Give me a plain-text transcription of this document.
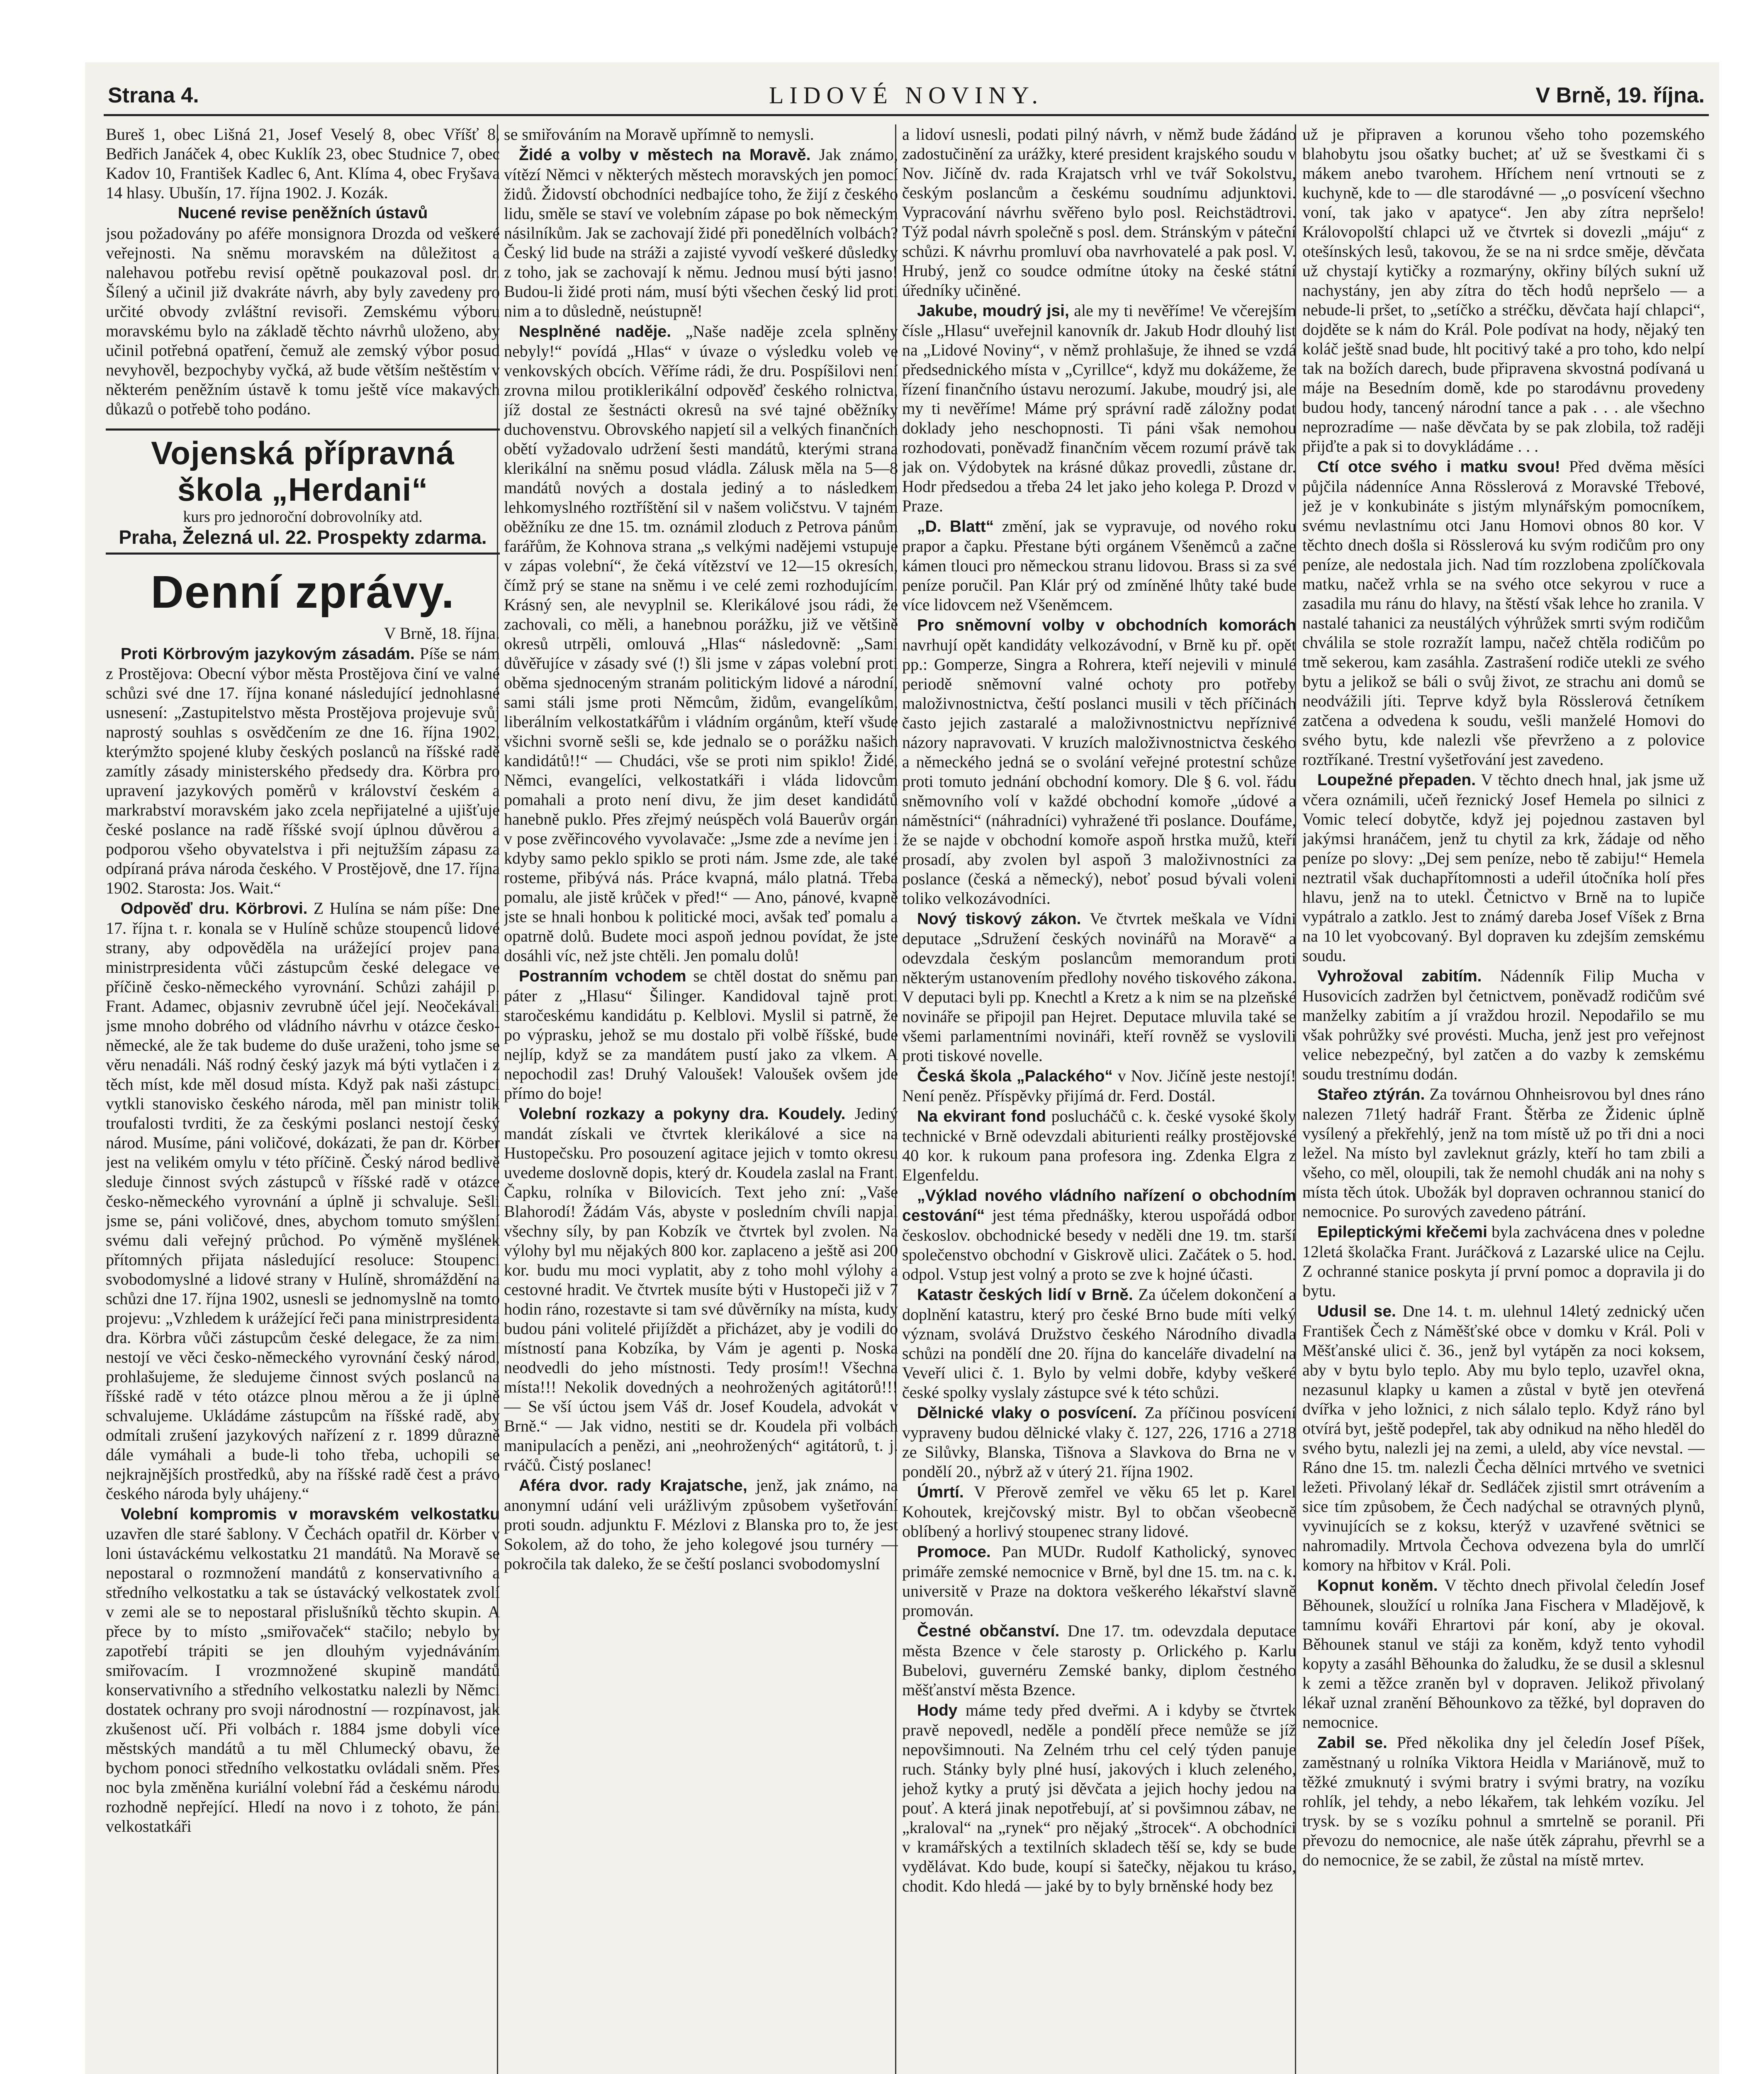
Strana 4.	LIDOVÉ NOVINY.	V Brně, 19. října.

Bureš 1, obec Lišná 21, Josef Veselý 8, obec Vříšť 8, Bedřich Janáček 4, obec Kuklík 23, obec Studnice 7, obec Kadov 10, František Kadlec 6, Ant. Klíma 4, obec Fryšava 14 hlasy. Ubušín, 17. října 1902. J. Kozák.

Nucené revise peněžních ústavů

jsou požadovány po aféře monsignora Drozda od veškeré veřejnosti. Na sněmu moravském na důležitost a nalehavou potřebu revisí opětně poukazoval posl. dr. Šílený a učinil již dvakráte návrh, aby byly zavedeny pro určité obvody zvláštní revisoři. Zemskému výboru moravskému bylo na základě těchto návrhů uloženo, aby učinil potřebná opatření, čemuž ale zemský výbor posud nevyhověl, bezpochyby vyčká, až bude větším neštěstím v některém peněžním ústavě k tomu ještě více makavých důkazů o potřebě toho podáno.

Vojenská přípravná škola „Herdani“
kurs pro jednoroční dobrovolníky atd.
Praha, Železná ul. 22. Prospekty zdarma.
Denní zprávy.

V Brně, 18. října.

Proti Körbrovým jazykovým zásadám. Píše se nám z Prostějova: Obecní výbor města Prostějova činí ve valné schůzi své dne 17. října konané následující jednohlasné usnesení: „Zastupitelstvo města Prostějova projevuje svůj naprostý souhlas s osvědčením ze dne 16. října 1902, kterýmžto spojené kluby českých poslanců na říšské radě zamítly zásady ministerského předsedy dra. Körbra pro upravení jazykových poměrů v království českém a markrabství moravském jako zcela nepřijatelné a ujišťuje české poslance na radě říšské svojí úplnou důvěrou a podporou všeho obyvatelstva i při nejtužším zápasu za odpíraná práva národa českého. V Prostějově, dne 17. října 1902. Starosta: Jos. Wait.“

Odpověď dru. Körbrovi. Z Hulína se nám píše: Dne 17. října t. r. konala se v Hulíně schůze stoupenců lidové strany, aby odpověděla na urážející projev pana ministrpresidenta vůči zástupcům české delegace ve příčině česko-německého vyrovnání. Schůzi zahájil p. Frant. Adamec, objasniv zevrubně účel její. Neočekávali jsme mnoho dobrého od vládního návrhu v otázce česko-německé, ale že tak budeme do duše uraženi, toho jsme se věru nenadáli. Náš rodný český jazyk má býti vytlačen i z těch míst, kde měl dosud místa. Když pak naši zástupci vytkli stanovisko českého národa, měl pan ministr tolik troufalosti tvrditi, že za českými poslanci nestojí český národ. Musíme, páni voličové, dokázati, že pan dr. Körber jest na velikém omylu v této příčině. Český národ bedlivě sleduje činnost svých zástupců v říšské radě v otázce česko-německého vyrovnání a úplně ji schvaluje. Sešli jsme se, páni voličové, dnes, abychom tomuto smýšlení svému dali veřejný průchod. Po výměně myšlének přítomných přijata následující resoluce: Stoupenci svobodomyslné a lidové strany v Hulíně, shromáždění na schůzi dne 17. října 1902, usnesli se jednomyslně na tomto projevu: „Vzhledem k urážející řeči pana ministrpresidenta dra. Körbra vůči zástupcům české delegace, že za nimi nestojí ve věci česko-německého vyrovnání český národ, prohlašujeme, že sledujeme činnost svých poslanců na říšské radě v této otázce plnou měrou a že ji úplně schvalujeme. Ukládáme zástupcům na říšské radě, aby odmítali zrušení jazykových nařízení z r. 1899 důrazně dále vymáhali a bude-li toho třeba, uchopili se nejkrajnějších prostředků, aby na říšské radě čest a právo českého národa byly uhájeny.“

Volební kompromis v moravském velkostatku uzavřen dle staré šablony. V Čechách opatřil dr. Körber v loni ústaváckému velkostatku 21 mandátů. Na Moravě se nepostaral o rozmnožení mandátů z konservativního a středního velkostatku a tak se ústavácký velkostatek zvolí v zemi ale se to nepostaral přislušníků těchto skupin. A přece by to místo „smiřovaček“ stačilo; nebylo by zapotřebí trápiti se jen dlouhým vyjednáváním smiřovacím. I vrozmnožené skupině mandátů konservativního a středního velkostatku nalezli by Němci dostatek ochrany pro svoji národnostní — rozpínavost, jak zkušenost učí. Při volbách r. 1884 jsme dobyli více městských mandátů a tu měl Chlumecký obavu, že bychom ponoci středního velkostatku ovládali sněm. Přes noc byla změněna kuriální volební řád a českému národu rozhodně nepřející. Hledí na novo i z tohoto, že páni velkostatkáři

se smiřováním na Moravě upřímně to nemysli.

Židé a volby v městech na Moravě. Jak známo, vítězí Němci v některých městech moravských jen pomocí židů. Židovstí obchodníci nedbajíce toho, že žijí z českého lidu, směle se staví ve volebním zápase po bok německým násilníkům. Jak se zachovají židé při ponedělních volbách? Český lid bude na stráži a zajisté vyvodí veškeré důsledky z toho, jak se zachovají k němu. Jednou musí býti jasno! Budou-li židé proti nám, musí býti všechen český lid proti nim a to důsledně, neústupně!

Nesplněné naděje. „Naše naděje zcela splněny nebyly!“ povídá „Hlas“ v úvaze o výsledku voleb ve venkovských obcích. Věříme rádi, že dru. Pospíšilovi není zrovna milou protiklerikální odpověď českého rolnictva, jíž dostal ze šestnácti okresů na své tajné oběžníky duchovenstvu. Obrovského napjetí sil a velkých finančních obětí vyžadovalo udržení šesti mandátů, kterými strana klerikální na sněmu posud vládla. Zálusk měla na 5—8 mandátů nových a dostala jediný a to následkem lehkomyslného roztříštění sil v našem voličstvu. V tajném oběžníku ze dne 15. tm. oznámil zloduch z Petrova pánům farářům, že Kohnova strana „s velkými nadějemi vstupuje v zápas volební“, že čeká vítězství ve 12—15 okresích, čímž prý se stane na sněmu i ve celé zemi rozhodujícím. Krásný sen, ale nevyplnil se. Klerikálové jsou rádi, že zachovali, co měli, a hanebnou porážku, již ve většině okresů utrpěli, omlouvá „Hlas“ následovně: „Sami důvěřujíce v zásady své (!) šli jsme v zápas volební proti oběma sjednoceným stranám politickým lidové a národní, sami stáli jsme proti Němcům, židům, evangelíkům, liberálním velkostatkářům i vládním orgánům, kteří všude všichni svorně sešli se, kde jednalo se o porážku našich kandidátů!!“ — Chudáci, vše se proti nim spiklo! Židé, Němci, evangelíci, velkostatkáři i vláda lidovcům pomahali a proto není divu, že jim deset kandidátů hanebně puklo. Přes zřejmý neúspěch volá Bauerův orgán v pose zvěřincového vyvolavače: „Jsme zde a nevíme jen i kdyby samo peklo spiklo se proti nám. Jsme zde, ale také rosteme, přibývá nás. Práce kvapná, málo platná. Třeba pomalu, ale jistě krůček v před!“ — Ano, pánové, kvapně jste se hnali honbou k politické moci, avšak teď pomalu a opatrně dolů. Budete moci aspoň jednou povídat, že jste dosáhli víc, než jste chtěli. Jen pomalu dolů!

Postranním vchodem se chtěl dostat do sněmu pan páter z „Hlasu“ Šilinger. Kandidoval tajně proti staročeskému kandidátu p. Kelblovi. Myslil si patrně, že po výprasku, jehož se mu dostalo při volbě říšské, bude nejlíp, když se za mandátem pustí jako za vlkem. A nepochodil zas! Druhý Valoušek! Valoušek ovšem jde přímo do boje!

Volební rozkazy a pokyny dra. Koudely. Jediný mandát získali ve čtvrtek klerikálové a sice na Hustopečsku. Pro posouzení agitace jejich v tomto okresu uvedeme doslovně dopis, který dr. Koudela zaslal na Frant. Čapku, rolníka v Bilovicích. Text jeho zní: „Vaše Blahorodí! Žádám Vás, abyste v posledním chvíli napjal všechny síly, by pan Kobzík ve čtvrtek byl zvolen. Na výlohy byl mu nějakých 800 kor. zaplaceno a ještě asi 200 kor. budu mu moci vyplatit, aby z toho mohl výlohy a cestovné hradit. Ve čtvrtek musíte býti v Hustopeči již v 7 hodin ráno, rozestavte si tam své důvěrníky na místa, kudy budou páni volitelé přijíždět a přicházet, aby je vodili do místností pana Kobzíka, by Vám je agenti p. Noska neodvedli do jeho místnosti. Tedy prosím!! Všechna místa!!! Nekolik dovedných a neohrožených agitátorů!!! — Se vší úctou jsem Váš dr. Josef Koudela, advokát v Brně.“ — Jak vidno, nestiti se dr. Koudela při volbách manipulacích a penězi, ani „neohrožených“ agitátorů, t. j. rváčů. Čistý poslanec!

Aféra dvor. rady Krajatsche, jenž, jak známo, na anonymní udání veli urážlivým způsobem vyšetřování proti soudn. adjunktu F. Mézlovi z Blanska pro to, že jest Sokolem, až do toho, že jeho kolegové jsou turnéry — pokročila tak daleko, že se čeští poslanci svobodomyslní

a lidoví usnesli, podati pilný návrh, v němž bude žádáno zadostučinění za urážky, které president krajského soudu v Nov. Jičíně dv. rada Krajatsch vrhl ve tvář Sokolstvu, českým poslancům a českému soudnímu adjunktovi. Vypracování návrhu svěřeno bylo posl. Reichstädtrovi. Týž podal návrh společně s posl. dem. Stránským v páteční schůzi. K návrhu promluví oba navrhovatelé a pak posl. V. Hrubý, jenž co soudce odmítne útoky na české státní úředníky učiněné.

Jakube, moudrý jsi, ale my ti nevěříme! Ve včerejším čísle „Hlasu“ uveřejnil kanovník dr. Jakub Hodr dlouhý list na „Lidové Noviny“, v němž prohlašuje, že ihned se vzdá předsednického místa v „Cyrillce“, když mu dokážeme, že řízení finančního ústavu nerozumí. Jakube, moudrý jsi, ale my ti nevěříme! Máme prý správní radě záložny podat doklady jeho neschopnosti. Ti páni však nemohou rozhodovati, poněvadž finančním věcem rozumí právě tak jak on. Výdobytek na krásné důkaz provedli, zůstane dr. Hodr předsedou a třeba 24 let jako jeho kolega P. Drozd v Praze.

„D. Blatt“ změní, jak se vypravuje, od nového roku prapor a čapku. Přestane býti orgánem Všeněmců a začne kámen tlouci pro německou stranu lidovou. Brass si za své peníze poručil. Pan Klár prý od zmíněné lhůty také bude více lidovcem než Všeněmcem.

Pro sněmovní volby v obchodních komorách navrhují opět kandidáty velkozávodní, v Brně ku př. opět pp.: Gomperze, Singra a Rohrera, kteří nejevili v minulé periodě sněmovní valné ochoty pro potřeby maloživnostnictva, čeští poslanci musili v těch příčinách často jejich zastaralé a maloživnostnictvu nepříznivé názory napravovati. V kruzích maloživnostnictva českého a německého jedná se o svolání veřejné protestní schůze proti tomuto jednání obchodní komory. Dle § 6. vol. řádu sněmovního volí v každé obchodní komoře „údové a náměstníci“ (náhradníci) vyhražené tři poslance. Doufáme, že se najde v obchodní komoře aspoň hrstka mužů, kteří prosadí, aby zvolen byl aspoň 3 maloživnostníci za poslance (česká a německý), neboť posud bývali voleni toliko velkozávodníci.

Nový tiskový zákon. Ve čtvrtek meškala ve Vídni deputace „Sdružení českých novinářů na Moravě“ a odevzdala českým poslancům memorandum proti některým ustanovením předlohy nového tiskového zákona. V deputaci byli pp. Knechtl a Kretz a k nim se na plzeňské novináře se připojil pan Hejret. Deputace mluvila také se všemi parlamentními novináři, kteří rovněž se vyslovili proti tiskové novelle.

Česká škola „Palackého“ v Nov. Jičíně jeste nestojí! Není peněz. Příspěvky přijímá dr. Ferd. Dostál.

Na ekvirant fond poslucháčů c. k. české vysoké školy technické v Brně odevzdali abiturienti reálky prostějovské 40 kor. k rukoum pana profesora ing. Zdenka Elgra z Elgenfeldu.

„Výklad nového vládního nařízení o obchodním cestování“ jest téma přednášky, kterou uspořádá odbor českoslov. obchodnické besedy v neděli dne 19. tm. starší společenstvo obchodní v Giskrově ulici. Začátek o 5. hod. odpol. Vstup jest volný a proto se zve k hojné účasti.

Katastr českých lidí v Brně. Za účelem dokončení a doplnění katastru, který pro české Brno bude míti velký význam, svolává Družstvo českého Národního divadla schůzi na pondělí dne 20. října do kanceláře divadelní na Veveří ulici č. 1. Bylo by velmi dobře, kdyby veškeré české spolky vyslaly zástupce své k této schůzi.

Dělnické vlaky o posvícení. Za příčinou posvícení vypraveny budou dělnické vlaky č. 127, 226, 1716 a 2718 ze Silůvky, Blanska, Tišnova a Slavkova do Brna ne v pondělí 20., nýbrž až v úterý 21. října 1902.

Úmrtí. V Přerově zemřel ve věku 65 let p. Karel Kohoutek, krejčovský mistr. Byl to občan všeobecně oblíbený a horlivý stoupenec strany lidové.

Promoce. Pan MUDr. Rudolf Katholický, synovec primáře zemské nemocnice v Brně, byl dne 15. tm. na c. k. universitě v Praze na doktora veškerého lékařství slavně promován.

Čestné občanství. Dne 17. tm. odevzdala deputace města Bzence v čele starosty p. Orlického p. Karlu Bubelovi, guvernéru Zemské banky, diplom čestného měšťanství města Bzence.

Hody máme tedy před dveřmi. A i kdyby se čtvrtek pravě nepovedl, neděle a pondělí přece nemůže se jíž nepovšimnouti. Na Zelném trhu cel celý týden panuje ruch. Stánky byly plné husí, jakových i kluch zeleného, jehož kytky a prutý jsi děvčata a jejich hochy jedou na pouť. A která jinak nepotřebují, ať si povšimnou zábav, ne „kraloval“ na „rynek“ pro nějaký „štrocek“. A obchodníci v kramářských a textilních skladech těší se, kdy se bude vydělávat. Kdo bude, koupí si šatečky, nějakou tu kráso, chodit. Kdo hledá — jaké by to byly brněnské hody bez

už je připraven a korunou všeho toho pozemského blahobytu jsou ošatky buchet; ať už se švestkami či s mákem anebo tvarohem. Hříchem není vrtnouti se z kuchyně, kde to — dle starodávné — „o posvícení všechno voní, tak jako v apatyce“. Jen aby zítra nepršelo! Královopolští chlapci už ve čtvrtek si dovezli „máju“ z otešínských lesů, takovou, že se na ni srdce směje, děvčata už chystají kytičky a rozmarýny, okřiny bílých sukní už nachystány, jen aby zítra do těch hodů nepršelo — a nebude-li pršet, to „setíčko a stréčku, děvčata hají chlapci“, dojděte se k nám do Král. Pole podívat na hody, nějaký ten koláč ještě snad bude, hlt pocitivý také a pro toho, kdo nelpí tak na božích darech, bude připravena skvostná podívaná u máje na Besedním domě, kde po starodávnu provedeny budou hody, tancený národní tance a pak . . . ale všechno neprozradíme — naše děvčata by se pak zlobila, tož raději přijďte a pak si to dovykládáme . . .

Ctí otce svého i matku svou! Před dvěma měsíci půjčila nádenníce Anna Rösslerová z Moravské Třebové, jež je v konkubináte s jistým mlynářským pomocníkem, svému nevlastnímu otci Janu Homovi obnos 80 kor. V těchto dnech došla si Rösslerová ku svým rodičům pro ony peníze, ale nedostala jich. Nad tím rozzlobena zpolíčkovala matku, načež vrhla se na svého otce sekyrou v ruce a zasadila mu ránu do hlavy, na štěstí však lehce ho zranila. V nastalé tahanici za neustálých výhrůžek smrti svým rodičům chválila se stole rozražít lampu, načež chtěla rodičům po tmě sekerou, kam zasáhla. Zastrašení rodiče utekli ze svého bytu a jelikož se báli o svůj život, ze strachu ani domů se neodvážili jíti. Teprve když byla Rösslerová četníkem zatčena a odvedena k soudu, vešli manželé Homovi do svého bytu, kde nalezli vše převrženo a z polovice roztříkané. Trestní vyšetřování jest zavedeno.

Loupežné přepaden. V těchto dnech hnal, jak jsme už včera oznámili, učeň řeznický Josef Hemela po silnici z Vomic telecí dobytče, když jej pojednou zastaven byl jakýmsi hranáčem, jenž tu chytil za krk, žádaje od něho peníze po slovy: „Dej sem peníze, nebo tě zabiju!“ Hemela neztratil však duchapřítomnosti a udeřil útočníka holí přes hlavu, jenž na to utekl. Četnictvo v Brně na to lupiče vypátralo a zatklo. Jest to známý dareba Josef Víšek z Brna na 10 let vyobcovaný. Byl dopraven ku zdejším zemskému soudu.

Vyhrožoval zabitím. Nádenník Filip Mucha v Husovicích zadržen byl četnictvem, poněvadž rodičům své manželky zabitím a jí vraždou hrozil. Nepodařilo se mu však pohrůžky své provésti. Mucha, jenž jest pro veřejnost velice nebezpečný, byl zatčen a do vazby k zemskému soudu trestnímu dodán.

Stařeo ztýrán. Za továrnou Ohnheisrovou byl dnes ráno nalezen 71letý hadrář Frant. Štěrba ze Židenic úplně vysílený a překřehlý, jenž na tom místě už po tři dni a noci ležel. Na místo byl zavleknut grázly, kteří ho tam zbili a všeho, co měl, oloupili, tak že nemohl chudák ani na nohy s místa těch útok. Ubožák byl dopraven ochrannou stanicí do nemocnice. Po surových zavedeno pátrání.

Epileptickými křečemi byla zachvácena dnes v poledne 12letá školačka Frant. Juráčková z Lazarské ulice na Cejlu. Z ochranné stanice poskyta jí první pomoc a dopravila ji do bytu.

Udusil se. Dne 14. t. m. ulehnul 14letý zednický učen František Čech z Náměšťské obce v domku v Král. Poli v Měšťanské ulici č. 36., jenž byl vytápěn za noci koksem, aby v bytu bylo teplo. Aby mu bylo teplo, uzavřel okna, nezasunul klapky u kamen a zůstal v bytě jen otevřená dvířka v jeho ložnici, z nich sálalo teplo. Když ráno byl otvírá byt, ještě podepřel, tak aby odnikud na něho hleděl do svého bytu, nalezli jej na zemi, a uleld, aby více nevstal. — Ráno dne 15. tm. nalezli Čecha dělníci mrtvého ve svetnici ležeti. Přivolaný lékař dr. Sedláček zjistil smrt otrávením a sice tím způsobem, že Čech nadýchal se otravných plynů, vyvinujících se z koksu, kterýž v uzavřené světnici se nahromadily. Mrtvola Čechova odvezena byla do umrlčí komory na hřbitov v Král. Poli.

Kopnut koněm. V těchto dnech přivolal čeledín Josef Běhounek, sloužící u rolníka Jana Fischera v Mladějově, k tamnímu kováři Ehrartovi pár koní, aby je okoval. Běhounek stanul ve stáji za koněm, když tento vyhodil kopyty a zasáhl Běhounka do žaludku, že se dusil a sklesnul k zemi a těžce zraněn byl v dopraven. Jelikož přivolaný lékař uznal zranění Běhounkovo za těžké, byl dopraven do nemocnice.

Zabil se. Před několika dny jel čeledín Josef Píšek, zaměstnaný u rolníka Viktora Heidla v Mariánově, muž to těžké zmuknutý i svými bratry i svými bratry, na vozíku rohlík, jel tehdy, a nebo lékařem, tak lehkém vozíku. Jel trysk. by se s vozíku pohnul a smrtelně se poranil. Při převozu do nemocnice, ale naše útěk záprahu, převrhl se a do nemocnice, že se zabil, že zůstal na místě mrtev.
